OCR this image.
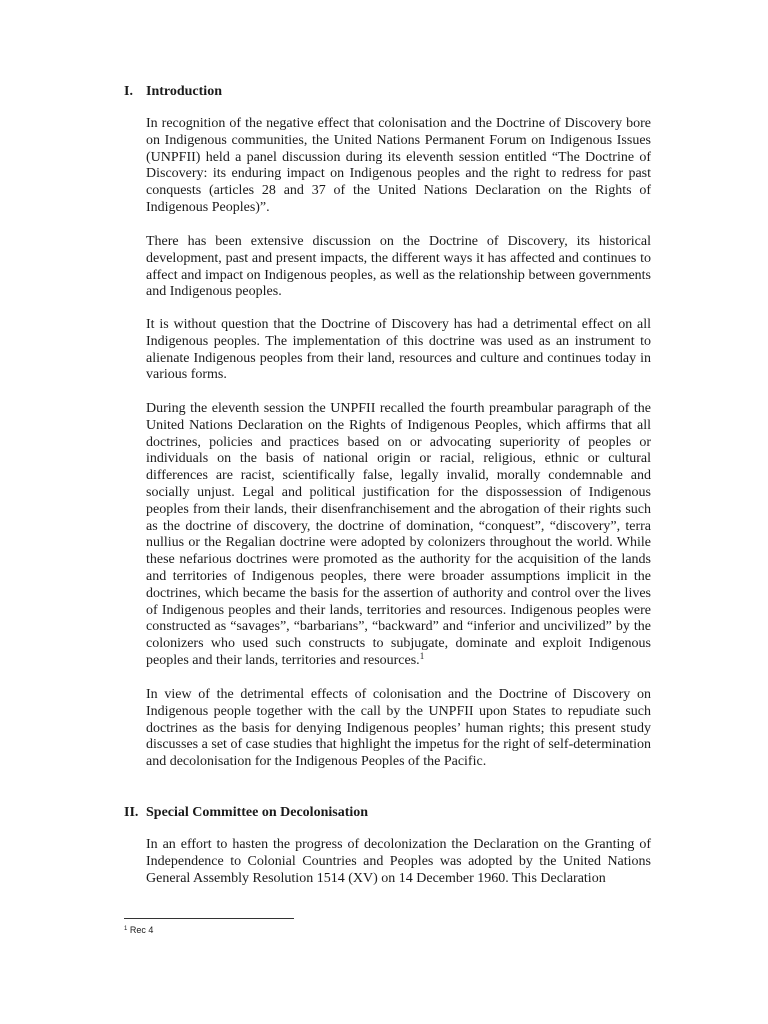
I. Introduction

In recognition of the negative effect that colonisation and the Doctrine of Discovery bore on Indigenous communities, the United Nations Permanent Forum on Indigenous Issues (UNPFII) held a panel discussion during its eleventh session entitled “The Doctrine of Discovery: its enduring impact on Indigenous peoples and the right to redress for past conquests (articles 28 and 37 of the United Nations Declaration on the Rights of Indigenous Peoples)”.

There has been extensive discussion on the Doctrine of Discovery, its historical development, past and present impacts, the different ways it has affected and continues to affect and impact on Indigenous peoples, as well as the relationship between governments and Indigenous peoples.

It is without question that the Doctrine of Discovery has had a detrimental effect on all Indigenous peoples. The implementation of this doctrine was used as an instrument to alienate Indigenous peoples from their land, resources and culture and continues today in various forms.

During the eleventh session the UNPFII recalled the fourth preambular paragraph of the United Nations Declaration on the Rights of Indigenous Peoples, which affirms that all doctrines, policies and practices based on or advocating superiority of peoples or individuals on the basis of national origin or racial, religious, ethnic or cultural differences are racist, scientifically false, legally invalid, morally condemnable and socially unjust. Legal and political justification for the dispossession of Indigenous peoples from their lands, their disenfranchisement and the abrogation of their rights such as the doctrine of discovery, the doctrine of domination, “conquest”, “discovery”, terra nullius or the Regalian doctrine were adopted by colonizers throughout the world. While these nefarious doctrines were promoted as the authority for the acquisition of the lands and territories of Indigenous peoples, there were broader assumptions implicit in the doctrines, which became the basis for the assertion of authority and control over the lives of Indigenous peoples and their lands, territories and resources. Indigenous peoples were constructed as “savages”, “barbarians”, “backward” and “inferior and uncivilized” by the colonizers who used such constructs to subjugate, dominate and exploit Indigenous peoples and their lands, territories and resources.$^1$

In view of the detrimental effects of colonisation and the Doctrine of Discovery on Indigenous people together with the call by the UNPFII upon States to repudiate such doctrines as the basis for denying Indigenous peoples’ human rights; this present study discusses a set of case studies that highlight the impetus for the right of self-determination and decolonisation for the Indigenous Peoples of the Pacific.

II. Special Committee on Decolonisation

In an effort to hasten the progress of decolonization the Declaration on the Granting of Independence to Colonial Countries and Peoples was adopted by the United Nations General Assembly Resolution 1514 (XV) on 14 December 1960. This Declaration

$^1$ Rec 4
